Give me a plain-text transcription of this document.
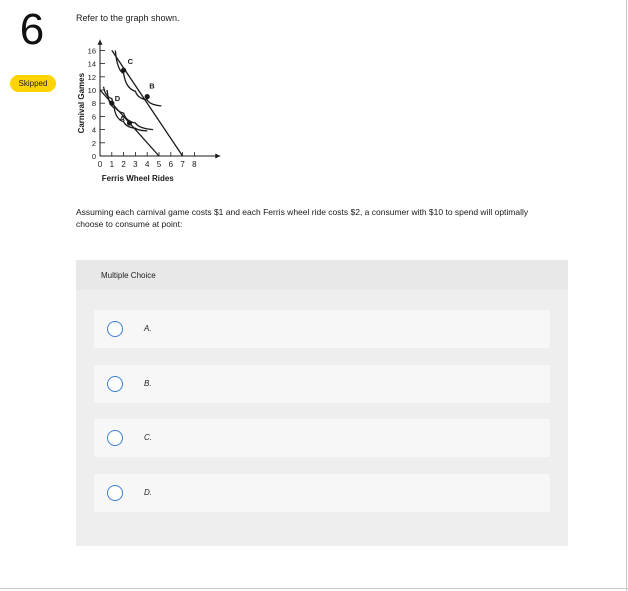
6
Skipped
Refer to the graph shown.
0 1 2 3 4 5 6 7 8
0
2
4
6
8
10
12
14
16
Ferris Wheel Rides
Carnival Games
C
D
A
B
Assuming each carnival game costs $1 and each Ferris wheel ride costs $2, a consumer with $10 to spend will optimally choose to consume at point:
Multiple Choice
A.
B.
C.
D.
